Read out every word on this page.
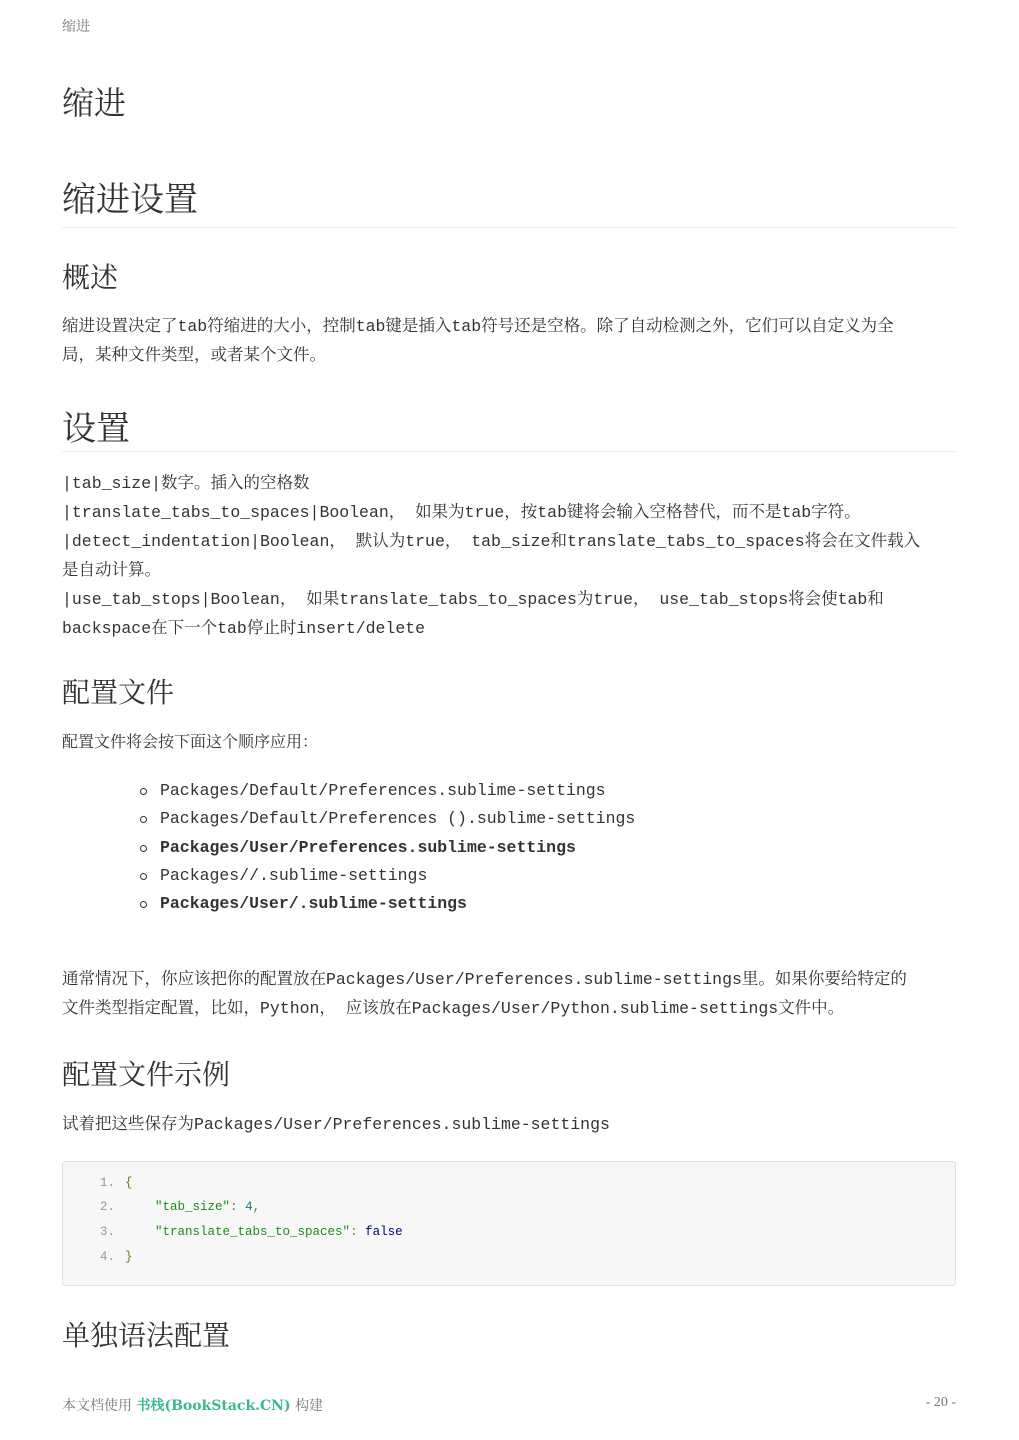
缩进
缩进
缩进设置
概述

缩进设置决定了tab符缩进的大小，控制tab键是插入tab符号还是空格。除了自动检测之外，它们可以自定义为全
局，某种文件类型，或者某个文件。

设置

|tab_size|数字。插入的空格数
|translate_tabs_to_spaces|Boolean， 如果为true，按tab键将会输入空格替代，而不是tab字符。
|detect_indentation|Boolean， 默认为true， tab_size和translate_tabs_to_spaces将会在文件载入
是自动计算。
|use_tab_stops|Boolean， 如果translate_tabs_to_spaces为true， use_tab_stops将会使tab和
backspace在下一个tab停止时insert/delete

配置文件

配置文件将会按下面这个顺序应用：

Packages/Default/Preferences.sublime-settings
Packages/Default/Preferences ().sublime-settings
Packages/User/Preferences.sublime-settings
Packages//.sublime-settings
Packages/User/.sublime-settings

通常情况下，你应该把你的配置放在Packages/User/Preferences.sublime-settings里。如果你要给特定的
文件类型指定配置，比如，Python， 应该放在Packages/User/Python.sublime-settings文件中。

配置文件示例

试着把这些保存为Packages/User/Preferences.sublime-settings

1. {
2.	"tab_size": 4,
3.	"translate_tabs_to_spaces": false
4. }
单独语法配置
本文档使用 书栈(BookStack.CN) 构建	- 20 -
